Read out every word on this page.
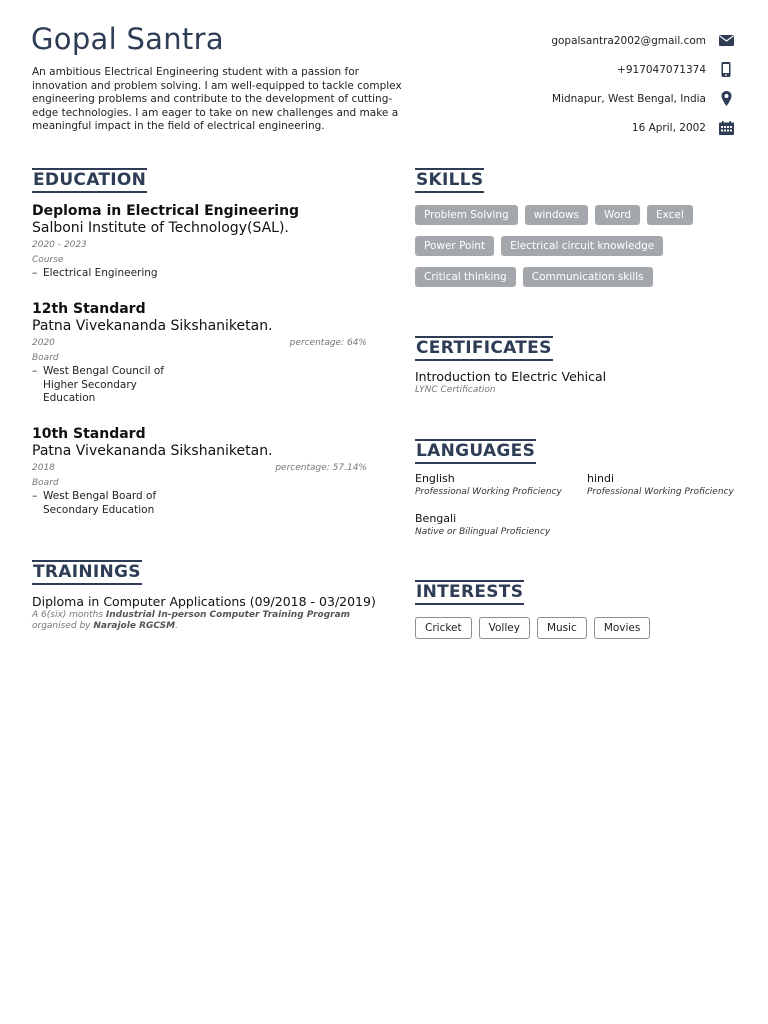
Gopal Santra

An ambitious Electrical Engineering student with a passion for innovation and problem solving. I am well-equipped to tackle complex engineering problems and contribute to the development of cutting-edge technologies. I am eager to take on new challenges and make a meaningful impact in the field of electrical engineering.

gopalsantra2002@gmail.com
+917047071374
Midnapur, West Bengal, India
16 April, 2002
EDUCATION
Deploma in Electrical Engineering
Salboni Institute of Technology(SAL).
2020 - 2023
Course
– Electrical Engineering
12th Standard
Patna Vivekananda Sikshaniketan.
2020	percentage: 64%
Board
– West Bengal Council of Higher Secondary Education
10th Standard
Patna Vivekananda Sikshaniketan.
2018	percentage: 57.14%
Board
– West Bengal Board of Secondary Education
TRAININGS
Diploma in Computer Applications (09/2018 - 03/2019)
A 6(six) months Industrial In-person Computer Training Program
organised by Narajole RGCSM.
SKILLS
Problem Solving	windows	Word	Excel
Power Point	Electrical circuit knowledge
Critical thinking	Communication skills
CERTIFICATES
Introduction to Electric Vehical
LYNC Certification
LANGUAGES
English
Professional Working Proficiency
hindi
Professional Working Proficiency
Bengali
Native or Bilingual Proficiency
INTERESTS
Cricket	Volley	Music	Movies
